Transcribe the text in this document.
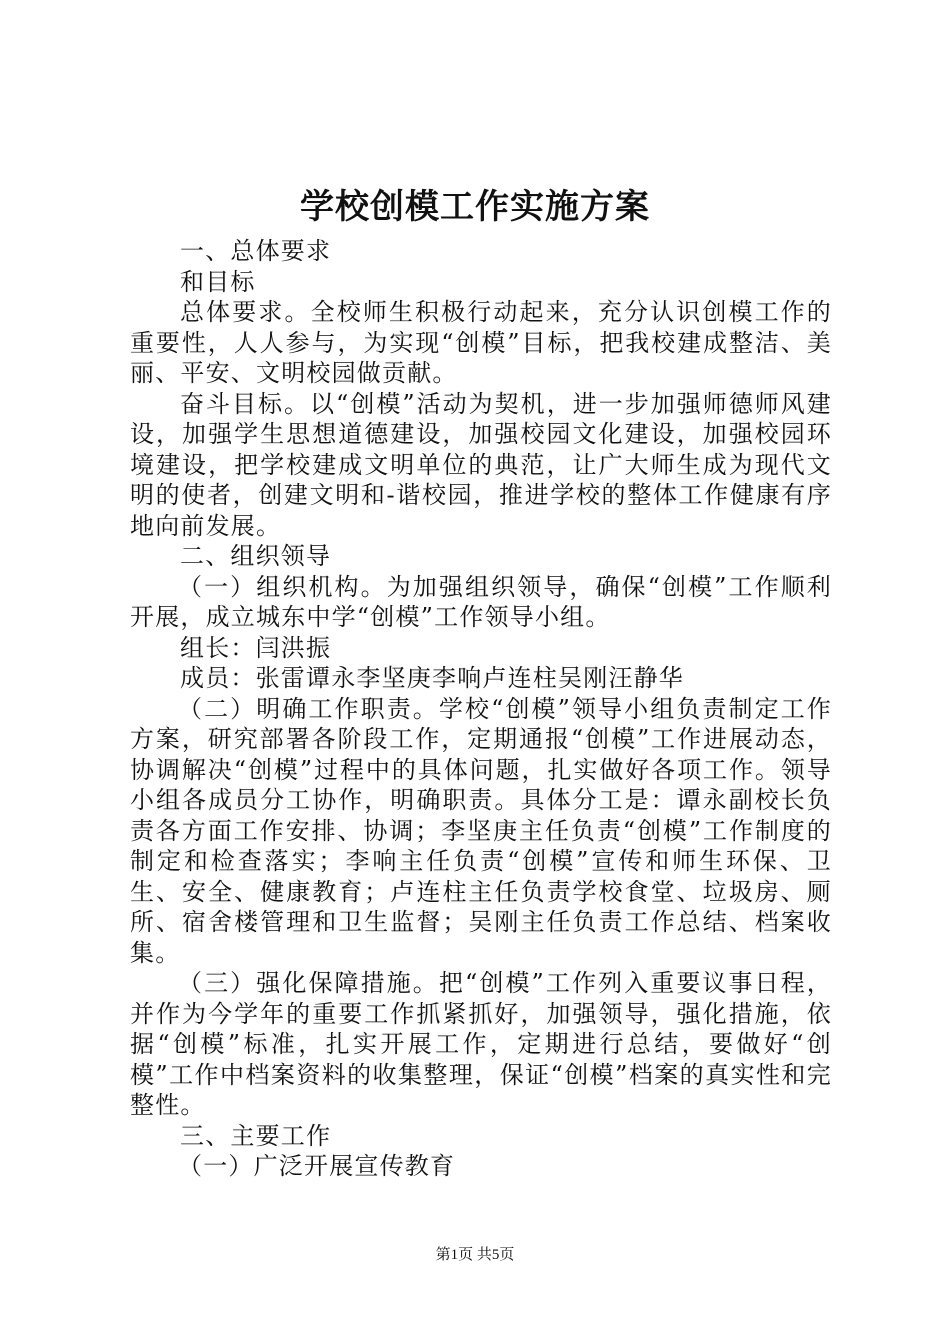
学校创模工作实施方案
一、总体要求
和目标

总体要求。全校师生积极行动起来，充分认识创模工作的重要性，人人参与，为实现“创模”目标，把我校建成整洁、美丽、平安、文明校园做贡献。

奋斗目标。以“创模”活动为契机，进一步加强师德师风建设，加强学生思想道德建设，加强校园文化建设，加强校园环境建设，把学校建成文明单位的典范，让广大师生成为现代文明的使者，创建文明和-谐校园，推进学校的整体工作健康有序地向前发展。

二、组织领导

（一）组织机构。为加强组织领导，确保“创模”工作顺利开展，成立城东中学“创模”工作领导小组。

组长：闫洪振
成员：张雷谭永李坚庚李响卢连柱吴刚汪静华

（二）明确工作职责。学校“创模”领导小组负责制定工作方案，研究部署各阶段工作，定期通报“创模”工作进展动态，协调解决“创模”过程中的具体问题，扎实做好各项工作。领导小组各成员分工协作，明确职责。具体分工是：谭永副校长负责各方面工作安排、协调；李坚庚主任负责“创模”工作制度的制定和检查落实；李响主任负责“创模”宣传和师生环保、卫生、安全、健康教育；卢连柱主任负责学校食堂、垃圾房、厕所、宿舍楼管理和卫生监督；吴刚主任负责工作总结、档案收集。

（三）强化保障措施。把“创模”工作列入重要议事日程，并作为今学年的重要工作抓紧抓好，加强领导，强化措施，依据“创模”标准，扎实开展工作，定期进行总结，要做好“创模”工作中档案资料的收集整理，保证“创模”档案的真实性和完整性。

三、主要工作
（一）广泛开展宣传教育
第1页 共5页
